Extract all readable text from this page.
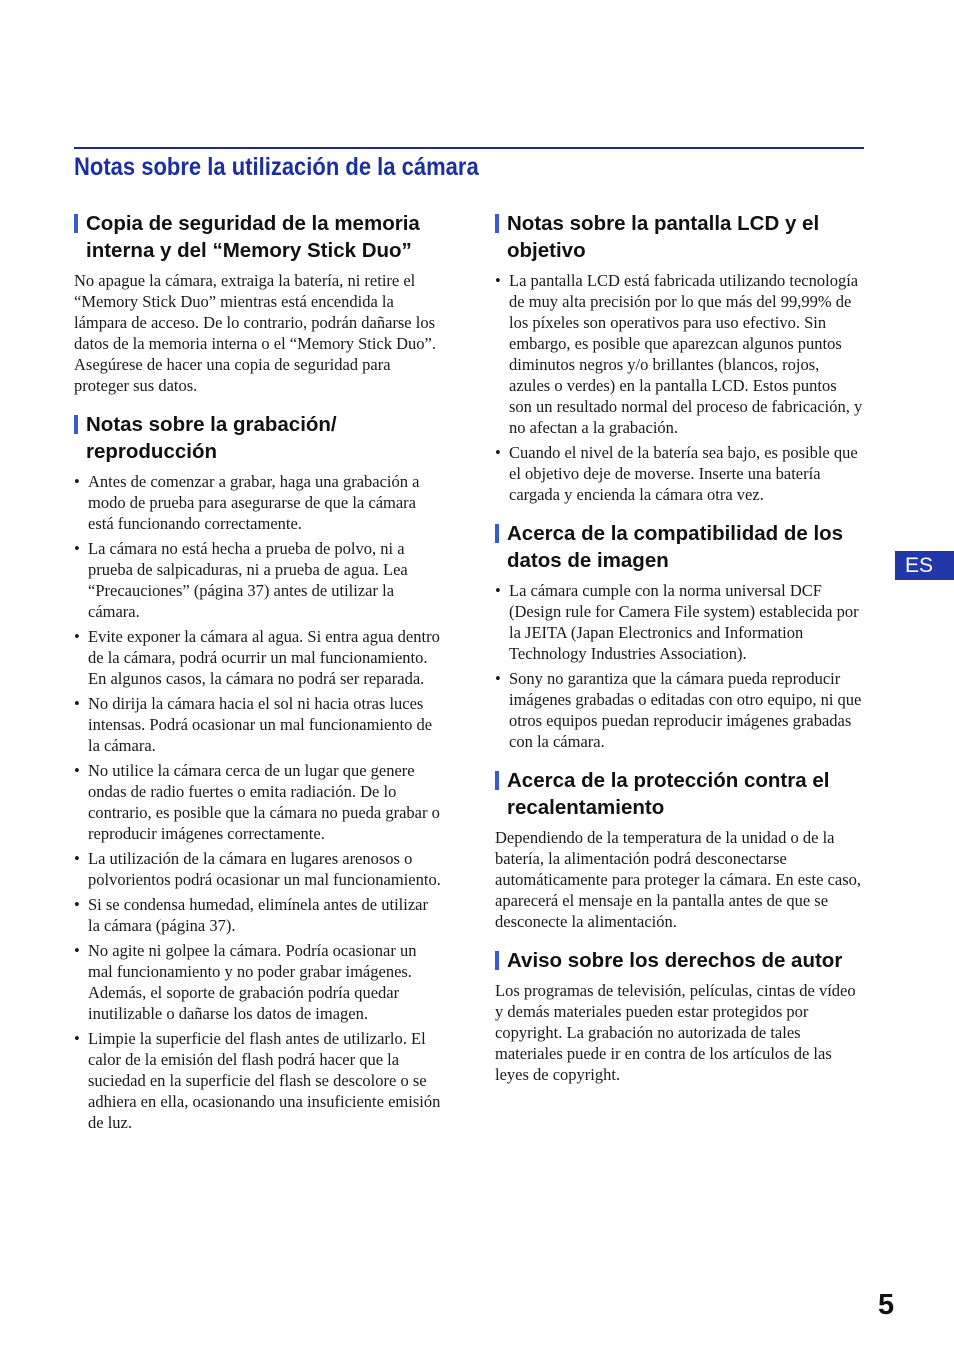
Notas sobre la utilización de la cámara
Copia de seguridad de la memoria interna y del “Memory Stick Duo”

No apague la cámara, extraiga la batería, ni retire el “Memory Stick Duo” mientras está encendida la lámpara de acceso. De lo contrario, podrán dañarse los datos de la memoria interna o el “Memory Stick Duo”. Asegúrese de hacer una copia de seguridad para proteger sus datos.

Notas sobre la grabación/ reproducción
• Antes de comenzar a grabar, haga una grabación a modo de prueba para asegurarse de que la cámara está funcionando correctamente.
• La cámara no está hecha a prueba de polvo, ni a prueba de salpicaduras, ni a prueba de agua. Lea “Precauciones” (página 37) antes de utilizar la cámara.
• Evite exponer la cámara al agua. Si entra agua dentro de la cámara, podrá ocurrir un mal funcionamiento. En algunos casos, la cámara no podrá ser reparada.
• No dirija la cámara hacia el sol ni hacia otras luces intensas. Podrá ocasionar un mal funcionamiento de la cámara.
• No utilice la cámara cerca de un lugar que genere ondas de radio fuertes o emita radiación. De lo contrario, es posible que la cámara no pueda grabar o reproducir imágenes correctamente.
• La utilización de la cámara en lugares arenosos o polvorientos podrá ocasionar un mal funcionamiento.
• Si se condensa humedad, elimínela antes de utilizar la cámara (página 37).
• No agite ni golpee la cámara. Podría ocasionar un mal funcionamiento y no poder grabar imágenes. Además, el soporte de grabación podría quedar inutilizable o dañarse los datos de imagen.
• Limpie la superficie del flash antes de utilizarlo. El calor de la emisión del flash podrá hacer que la suciedad en la superficie del flash se descolore o se adhiera en ella, ocasionando una insuficiente emisión de luz.
Notas sobre la pantalla LCD y el objetivo
• La pantalla LCD está fabricada utilizando tecnología de muy alta precisión por lo que más del 99,99% de los píxeles son operativos para uso efectivo. Sin embargo, es posible que aparezcan algunos puntos diminutos negros y/o brillantes (blancos, rojos, azules o verdes) en la pantalla LCD. Estos puntos son un resultado normal del proceso de fabricación, y no afectan a la grabación.
• Cuando el nivel de la batería sea bajo, es posible que el objetivo deje de moverse. Inserte una batería cargada y encienda la cámara otra vez.
Acerca de la compatibilidad de los datos de imagen
• La cámara cumple con la norma universal DCF (Design rule for Camera File system) establecida por la JEITA (Japan Electronics and Information Technology Industries Association).
• Sony no garantiza que la cámara pueda reproducir imágenes grabadas o editadas con otro equipo, ni que otros equipos puedan reproducir imágenes grabadas con la cámara.
Acerca de la protección contra el recalentamiento

Dependiendo de la temperatura de la unidad o de la batería, la alimentación podrá desconectarse automáticamente para proteger la cámara. En este caso, aparecerá el mensaje en la pantalla antes de que se desconecte la alimentación.

Aviso sobre los derechos de autor

Los programas de televisión, películas, cintas de vídeo y demás materiales pueden estar protegidos por copyright. La grabación no autorizada de tales materiales puede ir en contra de los artículos de las leyes de copyright.

ES
5
